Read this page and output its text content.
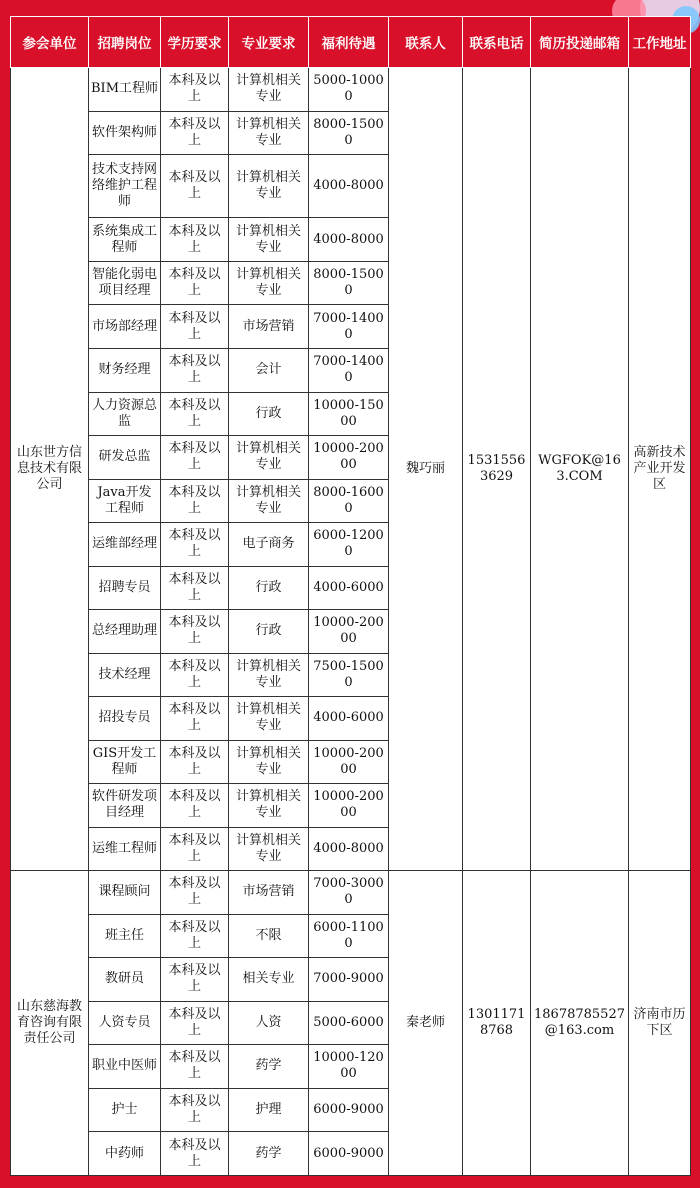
参会单位	招聘岗位	学历要求	专业要求	福利待遇	联系人	联系电话	简历投递邮箱	工作地址
山东世方信息技术有限公司	BIM工程师	本科及以上	计算机相关专业	5000-10000	魏巧丽	15315563629	WGFOK@163.COM	高新技术产业开发区
	软件架构师	本科及以上	计算机相关专业	8000-15000				
	技术支持网络维护工程师	本科及以上	计算机相关专业	4000-8000				
	系统集成工程师	本科及以上	计算机相关专业	4000-8000				
	智能化弱电项目经理	本科及以上	计算机相关专业	8000-15000				
	市场部经理	本科及以上	市场营销	7000-14000				
	财务经理	本科及以上	会计	7000-14000				
	人力资源总监	本科及以上	行政	10000-15000				
	研发总监	本科及以上	计算机相关专业	10000-20000				
	Java开发工程师	本科及以上	计算机相关专业	8000-16000				
	运维部经理	本科及以上	电子商务	6000-12000				
	招聘专员	本科及以上	行政	4000-6000				
	总经理助理	本科及以上	行政	10000-20000				
	技术经理	本科及以上	计算机相关专业	7500-15000				
	招投专员	本科及以上	计算机相关专业	4000-6000				
	GIS开发工程师	本科及以上	计算机相关专业	10000-20000				
	软件研发项目经理	本科及以上	计算机相关专业	10000-20000				
	运维工程师	本科及以上	计算机相关专业	4000-8000				
山东慈海教育咨询有限责任公司	课程顾问	本科及以上	市场营销	7000-30000	秦老师	13011718768	18678785527@163.com	济南市历下区
	班主任	本科及以上	不限	6000-11000				
	教研员	本科及以上	相关专业	7000-9000				
	人资专员	本科及以上	人资	5000-6000				
	职业中医师	本科及以上	药学	10000-12000				
	护士	本科及以上	护理	6000-9000				
	中药师	本科及以上	药学	6000-9000				
